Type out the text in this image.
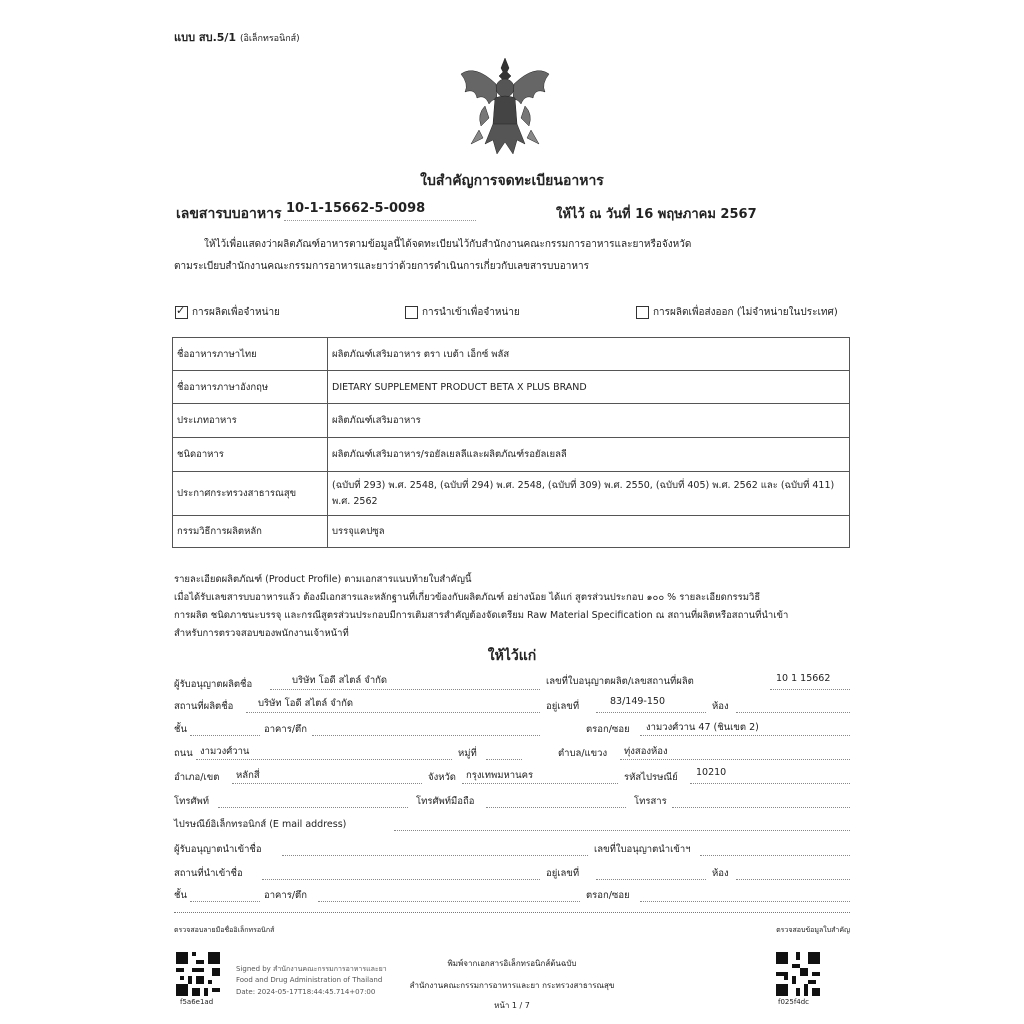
แบบ สบ.5/1 (อิเล็กทรอนิกส์)
ใบสำคัญการจดทะเบียนอาหาร
เลขสารบบอาหาร 10-1-15662-5-0098	ให้ไว้ ณ วันที่ 16 พฤษภาคม 2567
ให้ไว้เพื่อแสดงว่าผลิตภัณฑ์อาหารตามข้อมูลนี้ได้จดทะเบียนไว้กับสำนักงานคณะกรรมการอาหารและยาหรือจังหวัด
ตามระเบียบสำนักงานคณะกรรมการอาหารและยาว่าด้วยการดำเนินการเกี่ยวกับเลขสารบบอาหาร
✓
การผลิตเพื่อจำหน่าย	การนำเข้าเพื่อจำหน่าย	การผลิตเพื่อส่งออก (ไม่จำหน่ายในประเทศ)
ชื่ออาหารภาษาไทย	ผลิตภัณฑ์เสริมอาหาร ตรา เบต้า เอ็กซ์ พลัส
ชื่ออาหารภาษาอังกฤษ	DIETARY SUPPLEMENT PRODUCT BETA X PLUS BRAND
ประเภทอาหาร	ผลิตภัณฑ์เสริมอาหาร
ชนิดอาหาร	ผลิตภัณฑ์เสริมอาหาร/รอยัลเยลลีและผลิตภัณฑ์รอยัลเยลลี
ประกาศกระทรวงสาธารณสุข	(ฉบับที่ 293) พ.ศ. 2548, (ฉบับที่ 294) พ.ศ. 2548, (ฉบับที่ 309) พ.ศ. 2550, (ฉบับที่ 405) พ.ศ. 2562 และ (ฉบับที่ 411) พ.ศ. 2562
กรรมวิธีการผลิตหลัก	บรรจุแคปซูล
รายละเอียดผลิตภัณฑ์ (Product Profile) ตามเอกสารแนบท้ายใบสำคัญนี้
เมื่อได้รับเลขสารบบอาหารแล้ว ต้องมีเอกสารและหลักฐานที่เกี่ยวข้องกับผลิตภัณฑ์ อย่างน้อย ได้แก่ สูตรส่วนประกอบ ๑๐๐ % รายละเอียดกรรมวิธี
การผลิต ชนิดภาชนะบรรจุ และกรณีสูตรส่วนประกอบมีการเติมสารสำคัญต้องจัดเตรียม Raw Material Specification ณ สถานที่ผลิตหรือสถานที่นำเข้า
สำหรับการตรวจสอบของพนักงานเจ้าหน้าที่
ให้ไว้แก่
ผู้รับอนุญาตผลิตชื่อ	บริษัท โอดี สไตล์ จำกัด	เลขที่ใบอนุญาตผลิต/เลขสถานที่ผลิต	10 1 15662
สถานที่ผลิตชื่อ	บริษัท โอดี สไตล์ จำกัด	อยู่เลขที่	83/149-150	ห้อง
ชั้น	อาคาร/ตึก	ตรอก/ซอย งามวงศ์วาน 47 (ชินเขต 2)
ถนน งามวงศ์วาน	หมู่ที่	ตำบล/แขวง ทุ่งสองห้อง
อำเภอ/เขต หลักสี่	จังหวัด กรุงเทพมหานคร	รหัสไปรษณีย์ 10210
โทรศัพท์	โทรศัพท์มือถือ	โทรสาร
ไปรษณีย์อิเล็กทรอนิกส์ (E mail address)
ผู้รับอนุญาตนำเข้าชื่อ	เลขที่ใบอนุญาตนำเข้าฯ
สถานที่นำเข้าชื่อ	อยู่เลขที่	ห้อง
ชั้น	อาคาร/ตึก	ตรอก/ซอย
ตรวจสอบลายมือชื่ออิเล็กทรอนิกส์	ตรวจสอบข้อมูลใบสำคัญ
f5a6e1ad
Signed by สำนักงานคณะกรรมการอาหารและยา
Food and Drug Administration of Thailand
Date: 2024-05-17T18:44:45.714+07:00
พิมพ์จากเอกสารอิเล็กทรอนิกส์ต้นฉบับ
สำนักงานคณะกรรมการอาหารและยา กระทรวงสาธารณสุข
หน้า 1 / 7	f025f4dc
